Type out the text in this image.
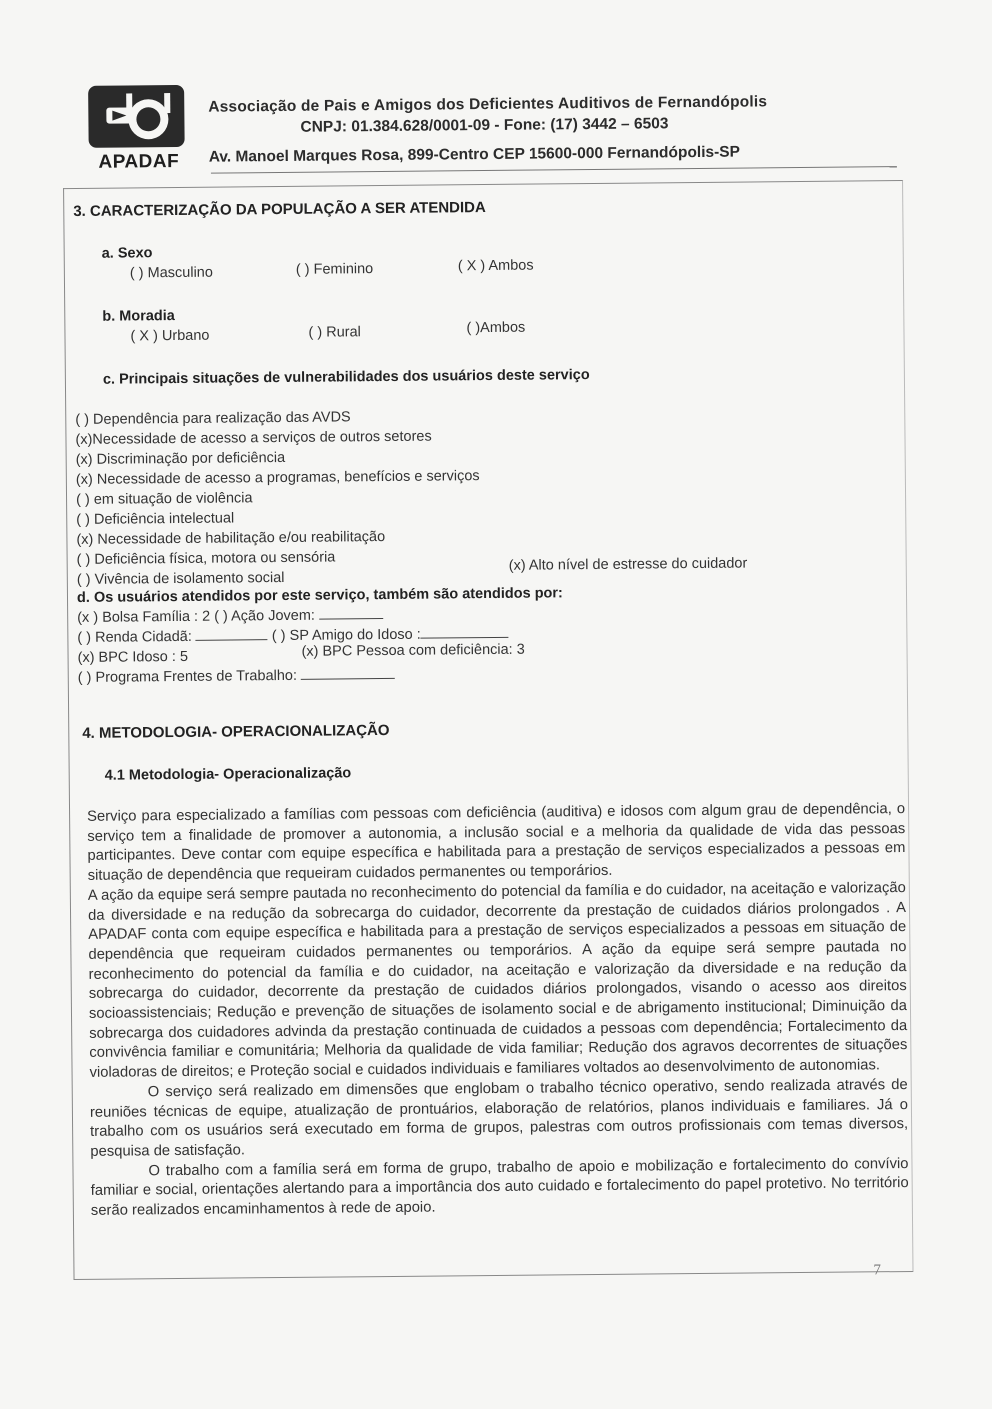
APADAF
Associação de Pais e Amigos dos Deficientes Auditivos de Fernandópolis
CNPJ: 01.384.628/0001-09 - Fone: (17) 3442 – 6503
Av. Manoel Marques Rosa, 899-Centro CEP 15600-000 Fernandópolis-SP
3. CARACTERIZAÇÃO DA POPULAÇÃO A SER ATENDIDA
a. Sexo
( ) Masculino	( ) Feminino	( X ) Ambos
b. Moradia
( X ) Urbano	( ) Rural	( )Ambos
c. Principais situações de vulnerabilidades dos usuários deste serviço
( ) Dependência para realização das AVDS
(x)Necessidade de acesso a serviços de outros setores
(x) Discriminação por deficiência
(x) Necessidade de acesso a programas, benefícios e serviços
( ) em situação de violência
( ) Deficiência intelectual
(x) Necessidade de habilitação e/ou reabilitação
( ) Deficiência física, motora ou sensória
( ) Vivência de isolamento social
(x) Alto nível de estresse do cuidador
d. Os usuários atendidos por este serviço, também são atendidos por:
(x ) Bolsa Família : 2 ( ) Ação Jovem:
( ) Renda Cidadã:	( ) SP Amigo do Idoso :
(x) BPC Idoso : 5	(x) BPC Pessoa com deficiência: 3
( ) Programa Frentes de Trabalho:
4. METODOLOGIA- OPERACIONALIZAÇÃO
4.1 Metodologia- Operacionalização

Serviço para especializado a famílias com pessoas com deficiência (auditiva) e idosos com algum grau de dependência, o serviço tem a finalidade de promover a autonomia, a inclusão social e a melhoria da qualidade de vida das pessoas participantes. Deve contar com equipe específica e habilitada para a prestação de serviços especializados a pessoas em situação de dependência que requeiram cuidados permanentes ou temporários.

A ação da equipe será sempre pautada no reconhecimento do potencial da família e do cuidador, na aceitação e valorização da diversidade e na redução da sobrecarga do cuidador, decorrente da prestação de cuidados diários prolongados . A APADAF conta com equipe específica e habilitada para a prestação de serviços especializados a pessoas em situação de dependência que requeiram cuidados permanentes ou temporários. A ação da equipe será sempre pautada no reconhecimento do potencial da família e do cuidador, na aceitação e valorização da diversidade e na redução da sobrecarga do cuidador, decorrente da prestação de cuidados diários prolongados, visando o acesso aos direitos socioassistenciais; Redução e prevenção de situações de isolamento social e de abrigamento institucional; Diminuição da sobrecarga dos cuidadores advinda da prestação continuada de cuidados a pessoas com dependência; Fortalecimento da convivência familiar e comunitária; Melhoria da qualidade de vida familiar; Redução dos agravos decorrentes de situações violadoras de direitos; e Proteção social e cuidados individuais e familiares voltados ao desenvolvimento de autonomias.

O serviço será realizado em dimensões que englobam o trabalho técnico operativo, sendo realizada através de reuniões técnicas de equipe, atualização de prontuários, elaboração de relatórios, planos individuais e familiares. Já o trabalho com os usuários será executado em forma de grupos, palestras com outros profissionais com temas diversos, pesquisa de satisfação.

O trabalho com a família será em forma de grupo, trabalho de apoio e mobilização e fortalecimento do convívio familiar e social, orientações alertando para a importância dos auto cuidado e fortalecimento do papel protetivo. No território serão realizados encaminhamentos à rede de apoio.

7
